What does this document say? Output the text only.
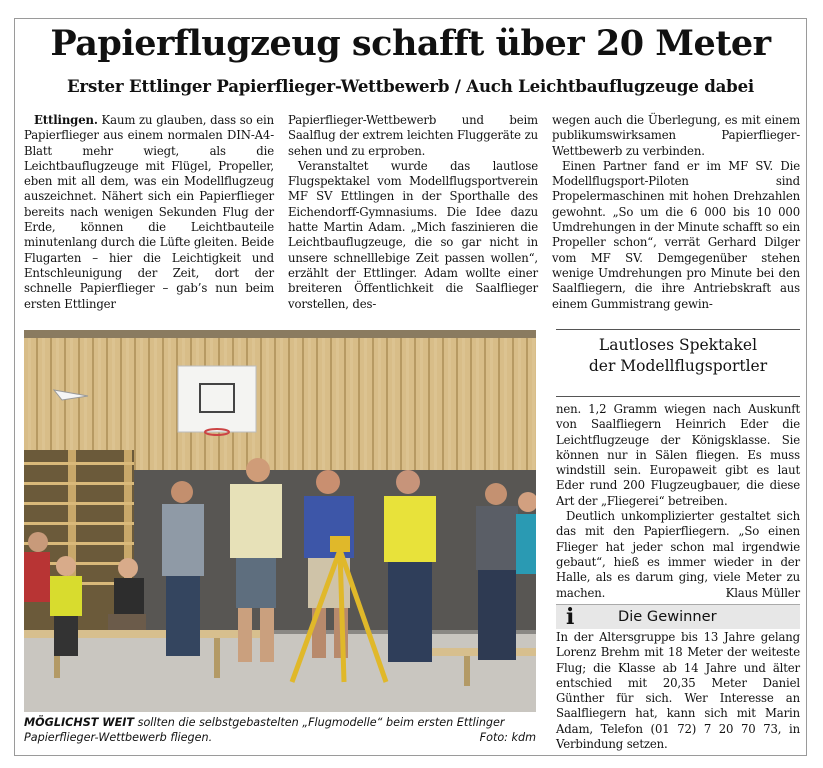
Papierflugzeug schafft über 20 Meter
Erster Ettlinger Papierflieger-Wettbewerb / Auch Leichtbauflugzeuge dabei

Ettlingen. Kaum zu glauben, dass so ein Papierflieger aus einem normalen DIN-A4-Blatt mehr wiegt, als die Leichtbauflugzeuge mit Flügel, Propeller, eben mit all dem, was ein Modellflugzeug auszeichnet. Nähert sich ein Papierflieger bereits nach wenigen Sekunden Flug der Erde, können die Leichtbauteile minutenlang durch die Lüfte gleiten. Beide Flugarten – hier die Leichtigkeit und Entschleunigung der Zeit, dort der schnelle Papierflieger – gab’s nun beim ersten Ettlinger

Papierflieger-Wettbewerb und beim Saalflug der extrem leichten Fluggeräte zu sehen und zu erproben.

Veranstaltet wurde das lautlose Flugspektakel vom Modellflugsportverein MF SV Ettlingen in der Sporthalle des Eichendorff-Gymnasiums. Die Idee dazu hatte Martin Adam. „Mich faszinieren die Leichtbauflugzeuge, die so gar nicht in unsere schnelllebige Zeit passen wollen“, erzählt der Ettlinger. Adam wollte einer breiteren Öffentlichkeit die Saalflieger vorstellen, des-

wegen auch die Überlegung, es mit einem publikumswirksamen Papierflieger-Wettbewerb zu verbinden.

Einen Partner fand er im MF SV. Die Modellflugsport-Piloten sind Propelermaschinen mit hohen Drehzahlen gewohnt. „So um die 6 000 bis 10 000 Umdrehungen in der Minute schafft so ein Propeller schon“, verrät Gerhard Dilger vom MF SV. Demgegenüber stehen wenige Umdrehungen pro Minute bei den Saalfliegern, die ihre Antriebskraft aus einem Gummistrang gewin-

Lautloses Spektakel
der Modellflugsportler

nen. 1,2 Gramm wiegen nach Auskunft von Saalfliegern Heinrich Eder die Leichtflugzeuge der Königsklasse. Sie können nur in Sälen fliegen. Es muss windstill sein. Europaweit gibt es laut Eder rund 200 Flugzeugbauer, die diese Art der „Fliegerei“ betreiben.

Deutlich unkomplizierter gestaltet sich das mit den Papierfliegern. „So einen Flieger hat jeder schon mal irgendwie gebaut“, hieß es immer wieder in der Halle, als es darum ging, viele Meter zu machen.	Klaus Müller

i	Die Gewinner

In der Altersgruppe bis 13 Jahre gelang Lorenz Brehm mit 18 Meter der weiteste Flug; die Klasse ab 14 Jahre und älter entschied mit 20,35 Meter Daniel Günther für sich. Wer Interesse an Saalfliegern hat, kann sich mit Marin Adam, Telefon (01 72) 7 20 70 73, in Verbindung setzen.

MÖGLICHST WEIT sollten die selbstgebastelten „Flugmodelle“ beim ersten Ettlinger Papierflieger-Wettbewerb fliegen.	Foto: kdm
